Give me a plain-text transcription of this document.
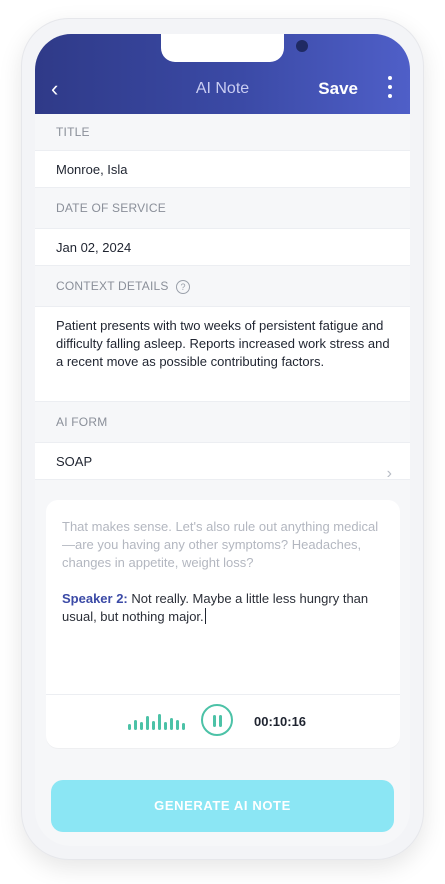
‹	AI Note	Save
TITLE
Monroe, Isla
DATE OF SERVICE
Jan 02, 2024
CONTEXT DETAILS ?
Patient presents with two weeks of persistent fatigue and difficulty falling asleep. Reports increased work stress and a recent move as possible contributing factors.
AI FORM
SOAP
›
That makes sense. Let's also rule out anything medical—are you having any other symptoms? Headaches, changes in appetite, weight loss?
Speaker 2: Not really. Maybe a little less hungry than usual, but nothing major.
00:10:16
GENERATE AI NOTE
